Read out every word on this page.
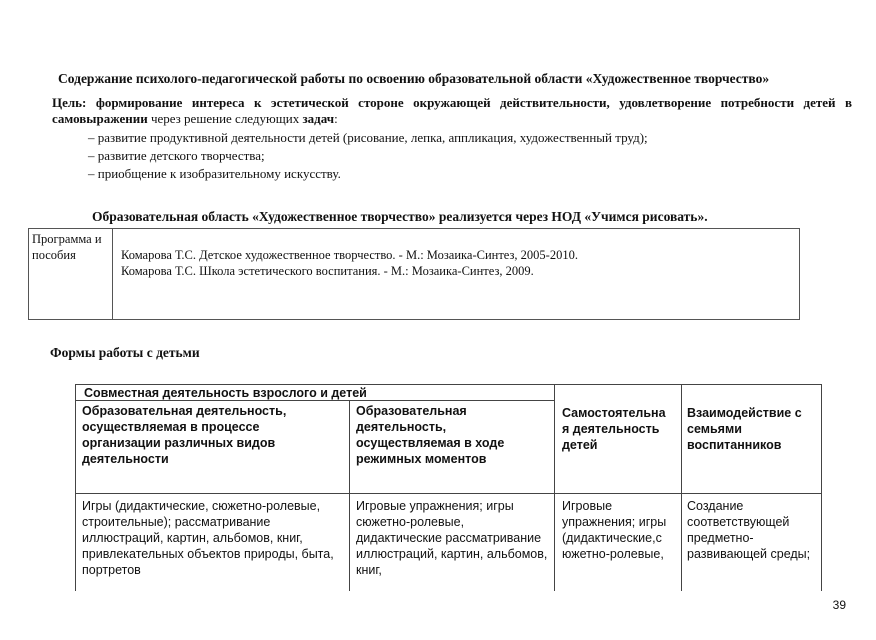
Содержание психолого-педагогической работы по освоению образовательной области «Художественное творчество»
Цель: формирование интереса к эстетической стороне окружающей действительности, удовлетворение потребности детей в самовыражении через решение следующих задач:
– развитие продуктивной деятельности детей (рисование, лепка, аппликация, художественный труд);
– развитие детского творчества;
– приобщение к изобразительному искусству.
Образовательная область «Художественное творчество» реализуется через НОД «Учимся рисовать».
Программа и пособия	Комарова Т.С. Детское художественное творчество. - М.: Мозаика-Синтез, 2005-2010.
Комарова Т.С. Школа эстетического воспитания. - М.: Мозаика-Синтез, 2009.
Формы работы с детьми
Совместная деятельность взрослого и детей
Образовательная деятельность, осуществляемая в процессе организации различных видов деятельности
Образовательная деятельность, осуществляемая в ходе режимных моментов
Самостоятельна я деятельность детей
Взаимодействие с семьями воспитанников
Игры (дидактические, сюжетно-ролевые, строительные); рассматривание иллюстраций, картин, альбомов, книг, привлекательных объектов природы, быта, портретов
Игровые упражнения; игры сюжетно-ролевые, дидактические рассматривание иллюстраций, картин, альбомов, книг,
Игровые упражнения; игры (дидактические,с южетно-ролевые,
Создание соответствующей предметно-развивающей среды;
39
